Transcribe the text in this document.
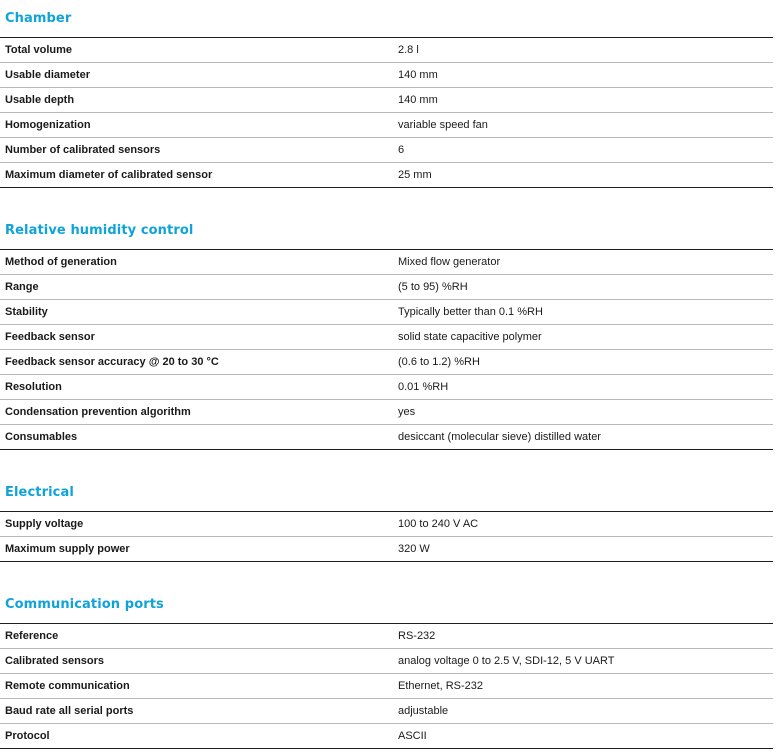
Chamber
Total volume	2.8 l
Usable diameter	140 mm
Usable depth	140 mm
Homogenization	variable speed fan
Number of calibrated sensors	6
Maximum diameter of calibrated sensor	25 mm
Relative humidity control
Method of generation	Mixed flow generator
Range	(5 to 95) %RH
Stability	Typically better than 0.1 %RH
Feedback sensor	solid state capacitive polymer
Feedback sensor accuracy @ 20 to 30 °C	(0.6 to 1.2) %RH
Resolution	0.01 %RH
Condensation prevention algorithm	yes
Consumables	desiccant (molecular sieve) distilled water
Electrical
Supply voltage	100 to 240 V AC
Maximum supply power	320 W
Communication ports
Reference	RS-232
Calibrated sensors	analog voltage 0 to 2.5 V, SDI-12, 5 V UART
Remote communication	Ethernet, RS-232
Baud rate all serial ports	adjustable
Protocol	ASCII
